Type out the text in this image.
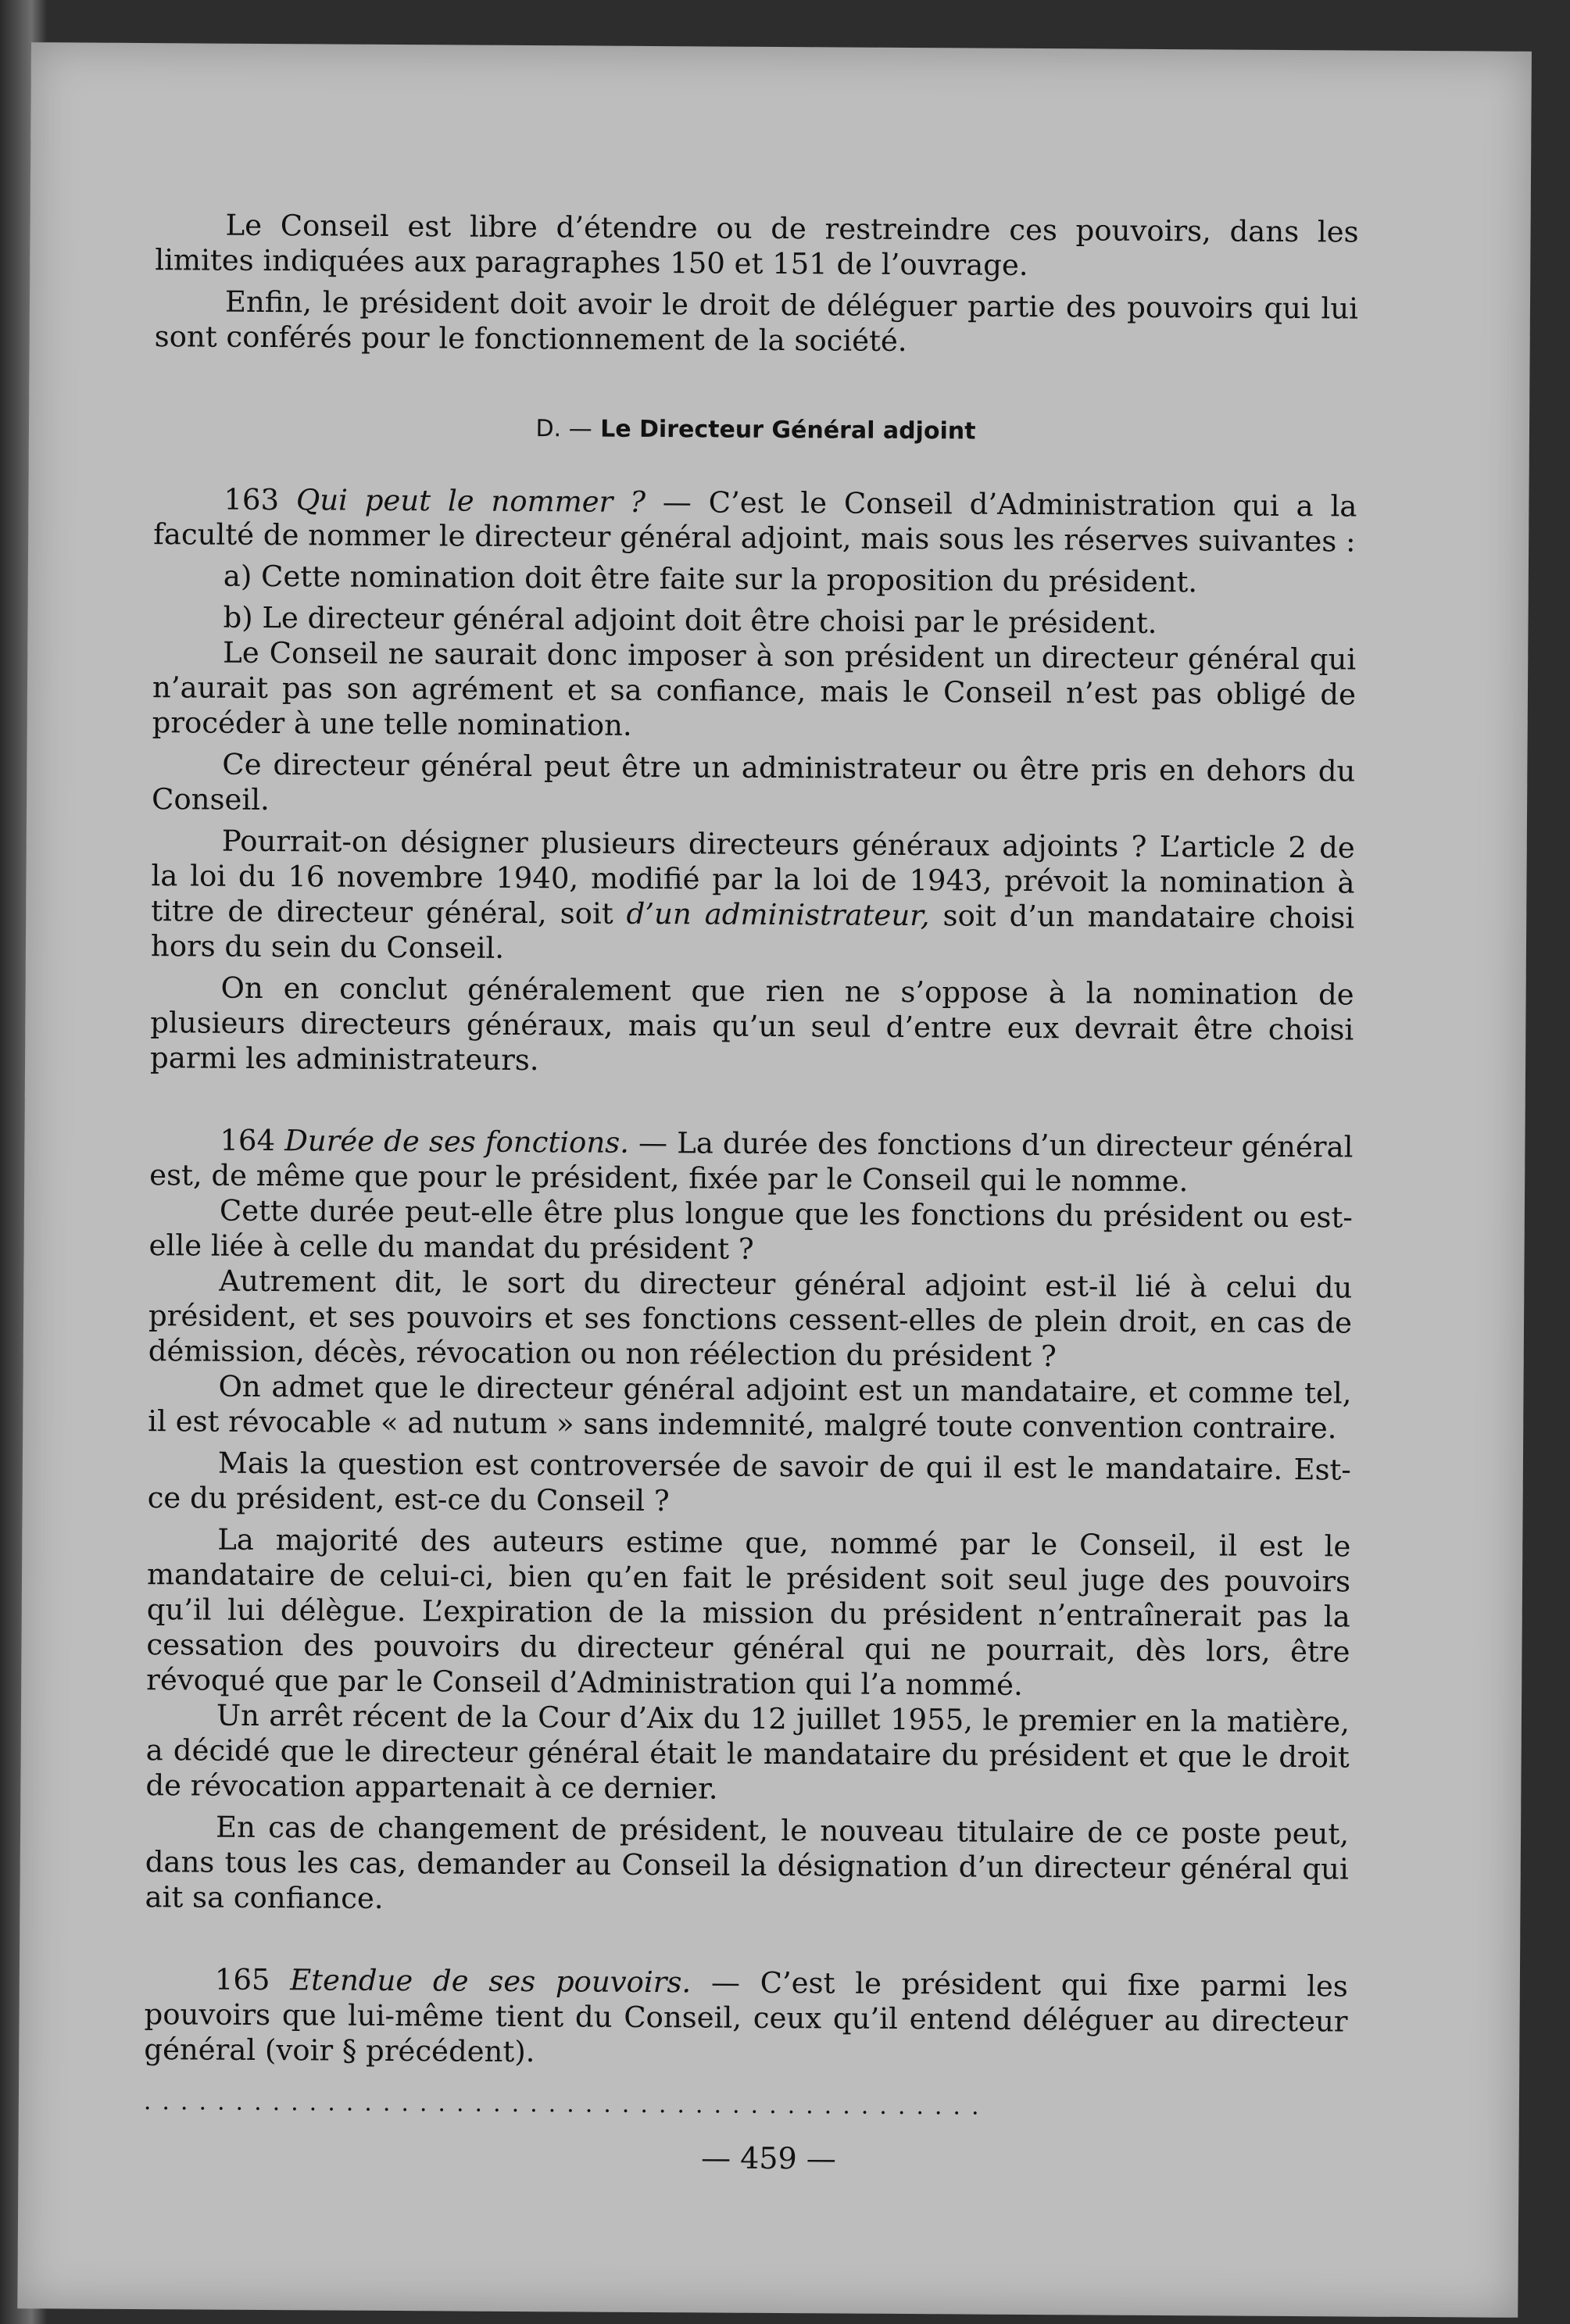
Le Conseil est libre d’étendre ou de restreindre ces pouvoirs, dans les limites indiquées aux paragraphes 150 et 151 de l’ouvrage.

Enfin, le président doit avoir le droit de déléguer partie des pouvoirs qui lui sont conférés pour le fonctionnement de la société.

D. — Le Directeur Général adjoint

163 Qui peut le nommer ? — C’est le Conseil d’Administration qui a la faculté de nommer le directeur général adjoint, mais sous les réserves suivantes :

a) Cette nomination doit être faite sur la proposition du président.

b) Le directeur général adjoint doit être choisi par le président.

Le Conseil ne saurait donc imposer à son président un directeur général qui n’aurait pas son agrément et sa confiance, mais le Conseil n’est pas obligé de procéder à une telle nomination.

Ce directeur général peut être un administrateur ou être pris en dehors du Conseil.

Pourrait-on désigner plusieurs directeurs généraux adjoints ? L’article 2 de la loi du 16 novembre 1940, modifié par la loi de 1943, prévoit la nomination à titre de directeur général, soit d’un administrateur, soit d’un mandataire choisi hors du sein du Conseil.

On en conclut généralement que rien ne s’oppose à la nomination de plusieurs directeurs généraux, mais qu’un seul d’entre eux devrait être choisi parmi les administrateurs.

164 Durée de ses fonctions. — La durée des fonctions d’un directeur général est, de même que pour le président, fixée par le Conseil qui le nomme.

Cette durée peut-elle être plus longue que les fonctions du président ou est-elle liée à celle du mandat du président ?

Autrement dit, le sort du directeur général adjoint est-il lié à celui du président, et ses pouvoirs et ses fonctions cessent-elles de plein droit, en cas de démission, décès, révocation ou non réélection du président ?

On admet que le directeur général adjoint est un mandataire, et comme tel, il est révocable « ad nutum » sans indemnité, malgré toute convention contraire.

Mais la question est controversée de savoir de qui il est le mandataire. Est-ce du président, est-ce du Conseil ?

La majorité des auteurs estime que, nommé par le Conseil, il est le mandataire de celui-ci, bien qu’en fait le président soit seul juge des pouvoirs qu’il lui délègue. L’expiration de la mission du président n’entraînerait pas la cessation des pouvoirs du directeur général qui ne pourrait, dès lors, être révoqué que par le Conseil d’Administration qui l’a nommé.

Un arrêt récent de la Cour d’Aix du 12 juillet 1955, le premier en la matière, a décidé que le directeur général était le mandataire du président et que le droit de révocation appartenait à ce dernier.

En cas de changement de président, le nouveau titulaire de ce poste peut, dans tous les cas, demander au Conseil la désignation d’un directeur général qui ait sa confiance.

165 Etendue de ses pouvoirs. — C’est le président qui fixe parmi les pouvoirs que lui-même tient du Conseil, ceux qu’il entend déléguer au directeur général (voir § précédent).

..............................................
— 459 —
